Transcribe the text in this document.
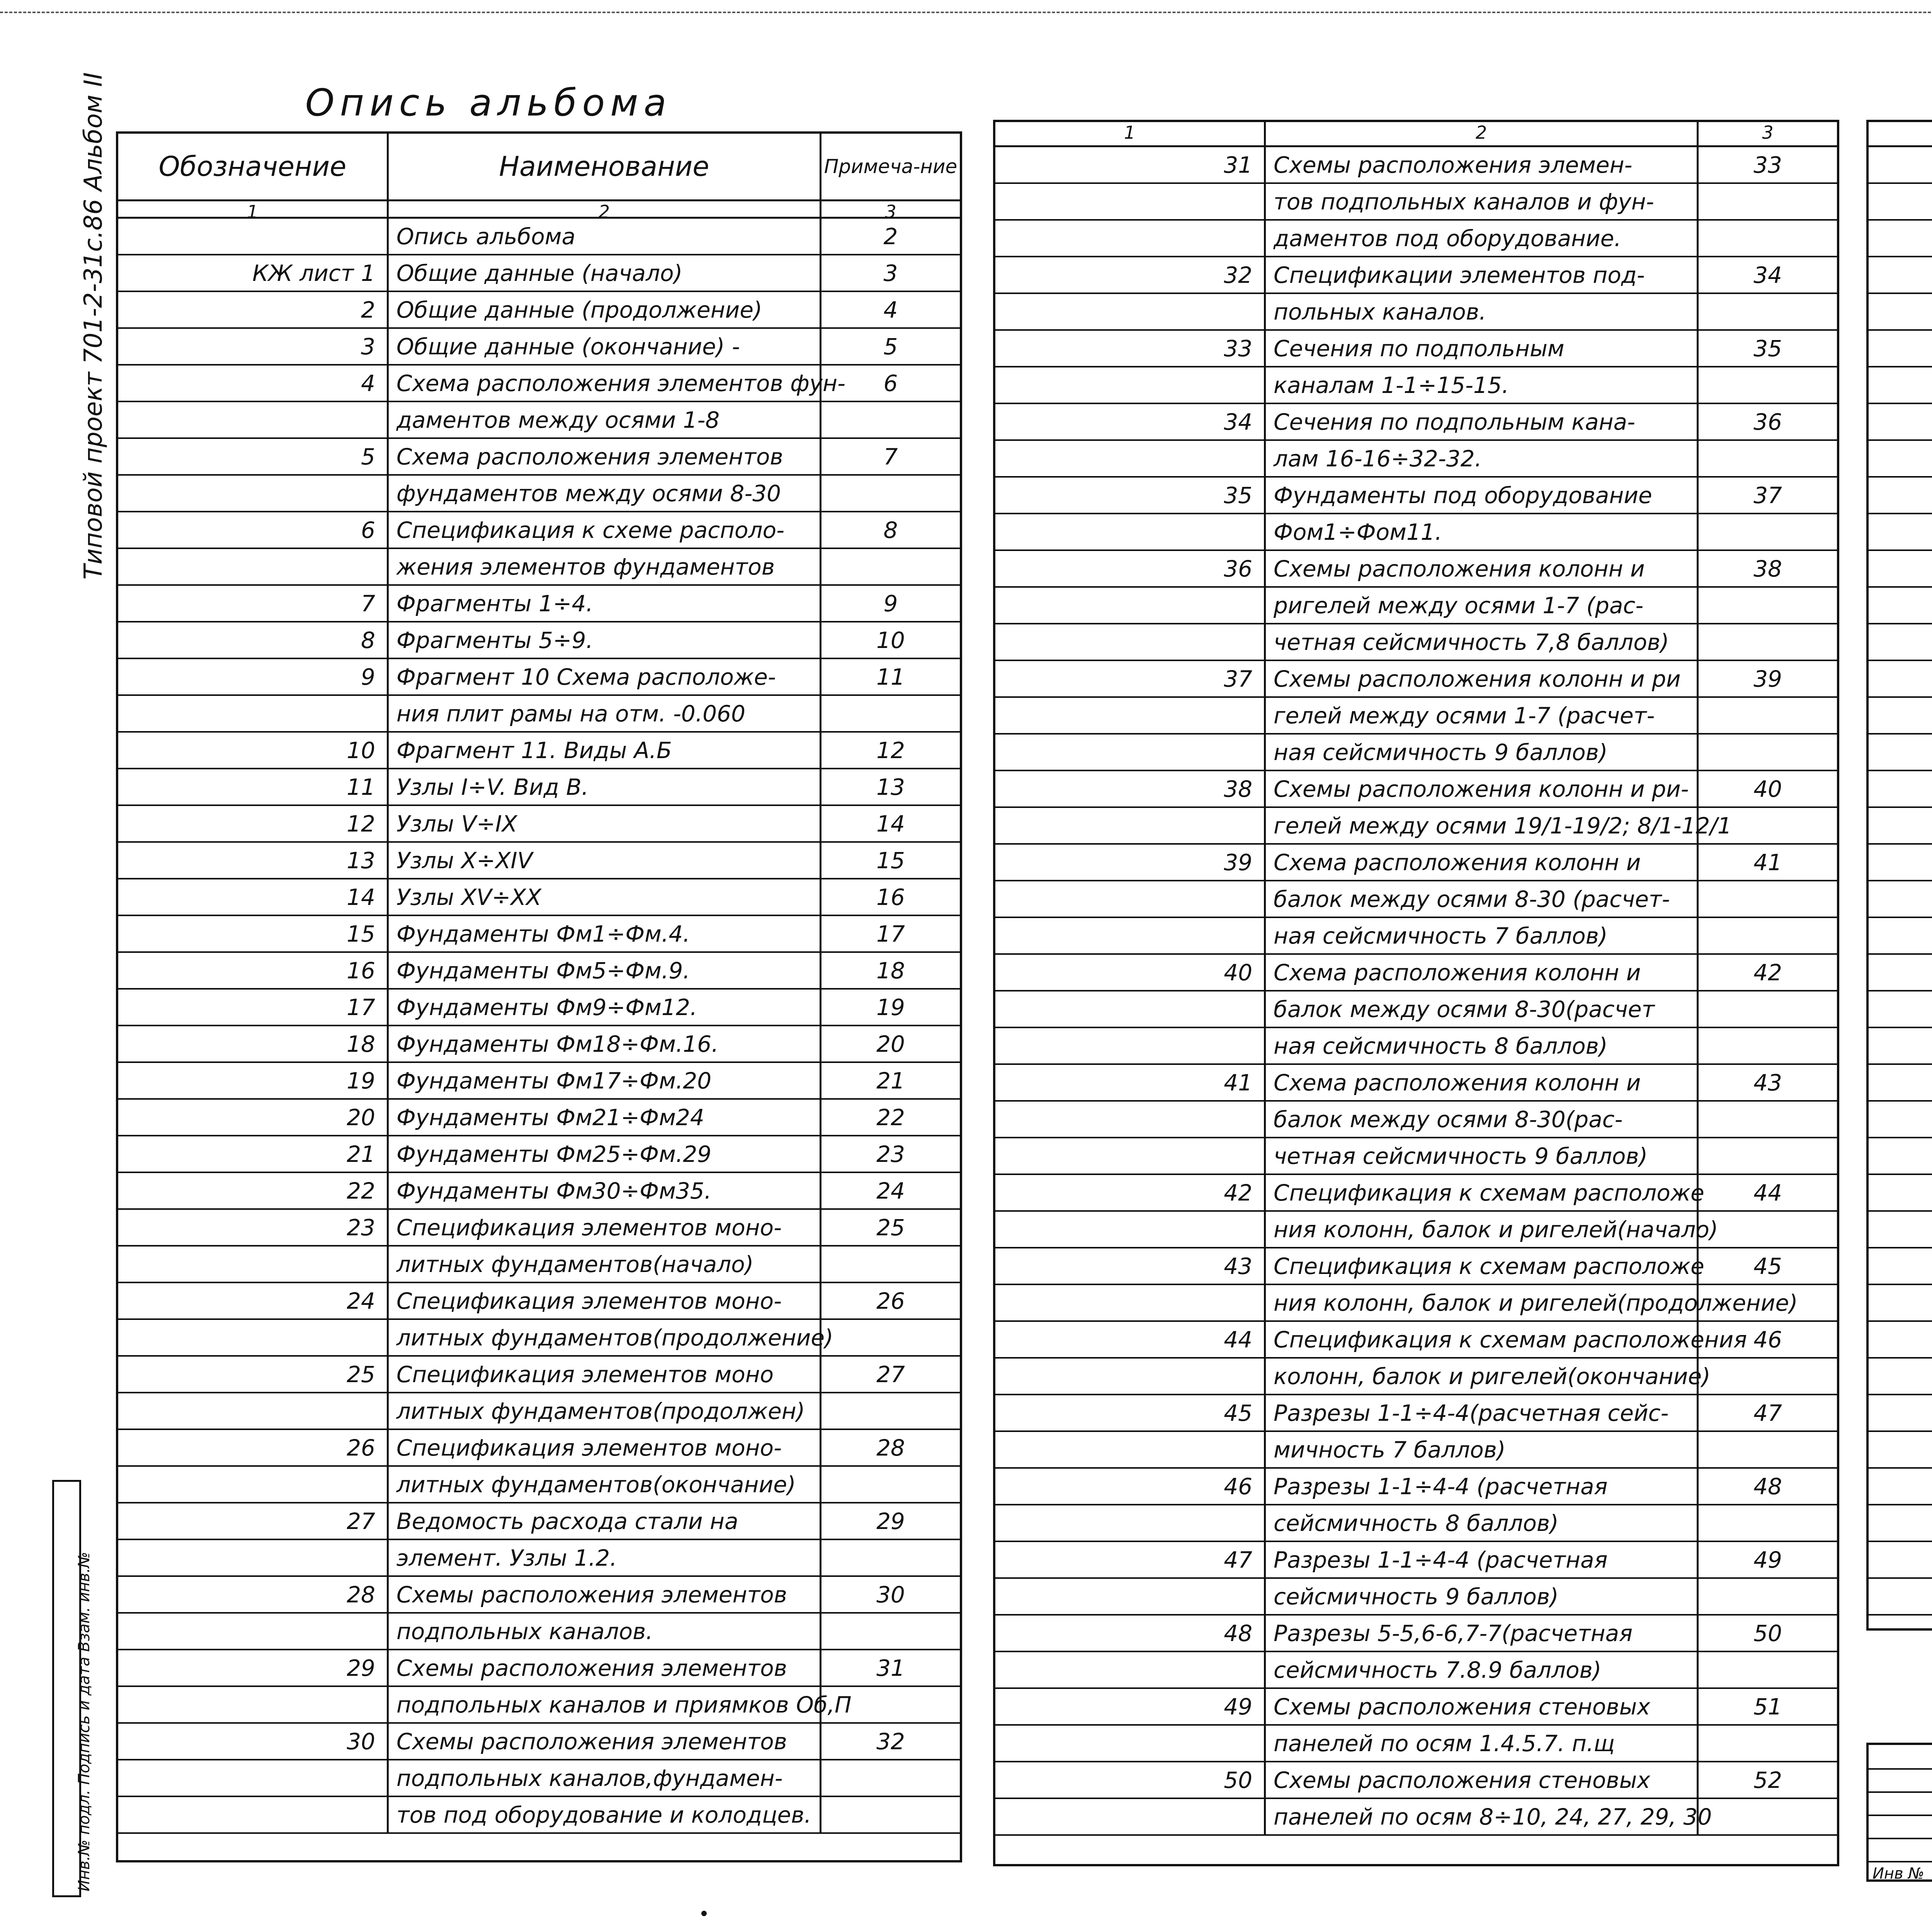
Типовой проект 701-2-31с.86 Альбом II	Опись альбома
Инв.№ подл. Подпись и дата Взам. инв.№
Обозначение	Наименование	Примеча-ние
1	2	3
Опись альбома	2
КЖ лист 1 Общие данные (начало)	3
2 Общие данные (продолжение)	4
3 Общие данные (окончание) -	5
4 Схема расположения элементов фун-	6
даментов между осями 1-8
5 Схема расположения элементов	7
фундаментов между осями 8-30
6 Спецификация к схеме располо-	8
жения элементов фундаментов
7 Фрагменты 1÷4.	9
8 Фрагменты 5÷9.	10
9 Фрагмент 10 Схема расположе-	11
ния плит рамы на отм. -0.060
10 Фрагмент 11. Виды А.Б	12
11 Узлы I÷V. Вид В.	13
12 Узлы V÷IX	14
13 Узлы X÷XIV	15
14 Узлы XV÷XX	16
15 Фундаменты Фм1÷Фм.4.	17
16 Фундаменты Фм5÷Фм.9.	18
17 Фундаменты Фм9÷Фм12.	19
18 Фундаменты Фм18÷Фм.16.	20
19 Фундаменты Фм17÷Фм.20	21
20 Фундаменты Фм21÷Фм24	22
21 Фундаменты Фм25÷Фм.29	23
22 Фундаменты Фм30÷Фм35.	24
23 Спецификация элементов моно-	25
литных фундаментов(начало)
24 Спецификация элементов моно-	26
литных фундаментов(продолжение)
25 Спецификация элементов моно	27
литных фундаментов(продолжен)
26 Спецификация элементов моно-	28
литных фундаментов(окончание)
27 Ведомость расхода стали на	29
элемент. Узлы 1.2.
28 Схемы расположения элементов	30
подпольных каналов.
29 Схемы расположения элементов	31
подпольных каналов и приямков Об,П
30 Схемы расположения элементов	32
подпольных каналов,фундамен-
тов под оборудование и колодцев.
1	2	3
31 Схемы расположения элемен-	33
тов подпольных каналов и фун-
даментов под оборудование.
32 Спецификации элементов под-	34
польных каналов.
33 Сечения по подпольным	35
каналам 1-1÷15-15.
34 Сечения по подпольным кана-	36
лам 16-16÷32-32.
35 Фундаменты под оборудование	37
Фом1÷Фом11.
36 Схемы расположения колонн и	38
ригелей между осями 1-7 (рас-
четная сейсмичность 7,8 баллов)
37 Схемы расположения колонн и ри	39
гелей между осями 1-7 (расчет-
ная сейсмичность 9 баллов)
38 Схемы расположения колонн и ри-	40
гелей между осями 19/1-19/2; 8/1-12/1
39 Схема расположения колонн и	41
балок между осями 8-30 (расчет-
ная сейсмичность 7 баллов)
40 Схема расположения колонн и	42
балок между осями 8-30(расчет
ная сейсмичность 8 баллов)
41 Схема расположения колонн и	43
балок между осями 8-30(рас-
четная сейсмичность 9 баллов)
42 Спецификация к схемам расположе	44
ния колонн, балок и ригелей(начало)
43 Спецификация к схемам расположе	45
ния колонн, балок и ригелей(продолжение)
44 Спецификация к схемам расположения 46
колонн, балок и ригелей(окончание)
45 Разрезы 1-1÷4-4(расчетная сейс-	47
мичность 7 баллов)
46 Разрезы 1-1÷4-4 (расчетная	48
сейсмичность 8 баллов)
47 Разрезы 1-1÷4-4 (расчетная	49
сейсмичность 9 баллов)
48 Разрезы 5-5,6-6,7-7(расчетная	50
сейсмичность 7.8.9 баллов)
49 Схемы расположения стеновых	51
панелей по осям 1.4.5.7. п.щ
50 Схемы расположения стеновых	52
панелей по осям 8÷10, 24, 27, 29, 30
Инв №
